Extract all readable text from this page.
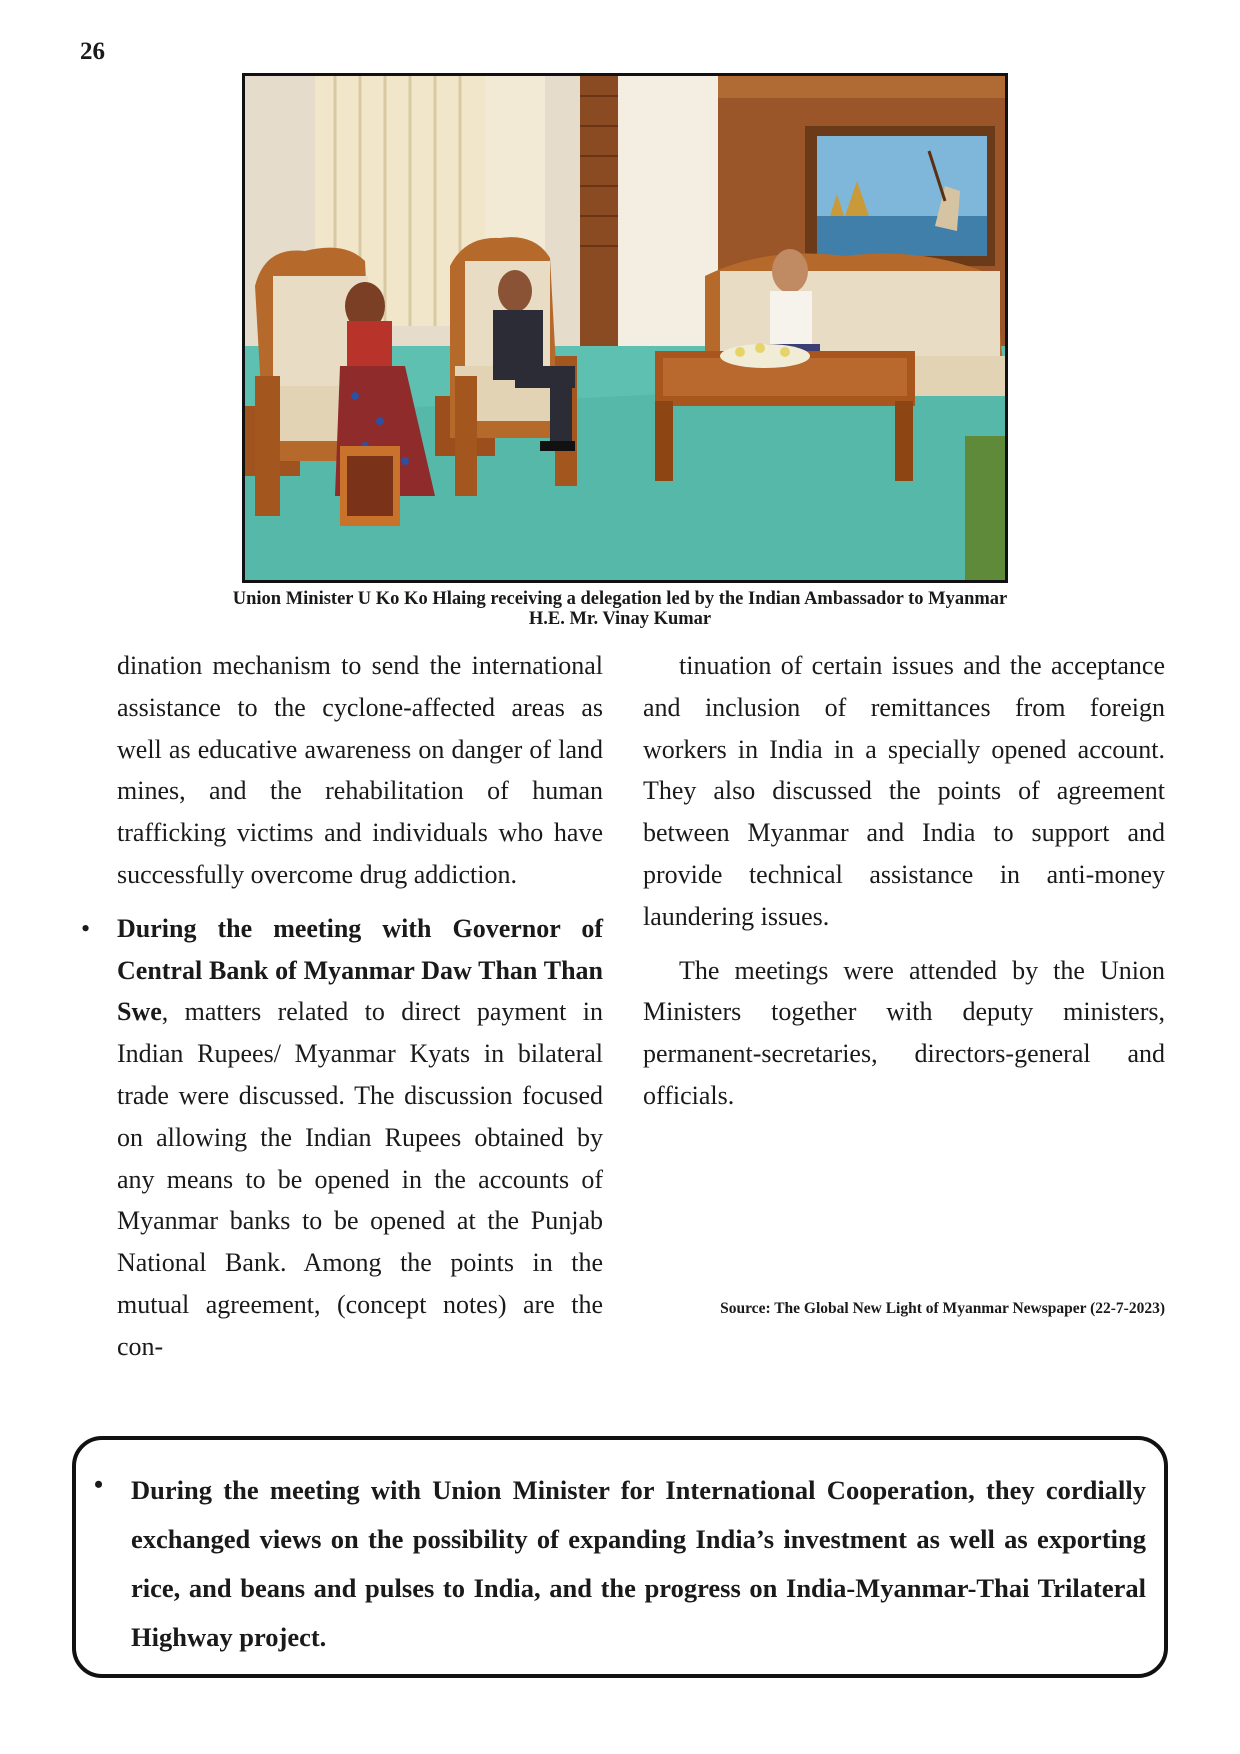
26
Union Minister U Ko Ko Hlaing receiving a delegation led by the Indian Ambassador to Myanmar
H.E. Mr. Vinay Kumar

dination mechanism to send the international assistance to the cyclone-affected areas as well as educative awareness on danger of land mines, and the rehabilitation of human trafficking victims and individuals who have successfully overcome drug addiction.

• During the meeting with Governor of Central Bank of Myanmar Daw Than Than Swe, matters related to direct payment in Indian Rupees/ Myanmar Kyats in bilateral trade were discussed. The discussion focused on allowing the Indian Rupees obtained by any means to be opened in the accounts of Myanmar banks to be opened at the Punjab National Bank. Among the points in the mutual agreement, (concept notes) are the con-

tinuation of certain issues and the acceptance and inclusion of remittances from foreign workers in India in a specially opened account. They also discussed the points of agreement between Myanmar and India to support and provide technical assistance in anti-money laundering issues.

The meetings were attended by the Union Ministers together with deputy ministers, permanent-secretaries, directors-general and officials.

Source: The Global New Light of Myanmar Newspaper (22-7-2023)
• During the meeting with Union Minister for International Cooperation, they cordially exchanged views on the possibility of expanding India’s investment as well as exporting rice, and beans and pulses to India, and the progress on India-Myanmar-Thai Trilateral Highway project.
